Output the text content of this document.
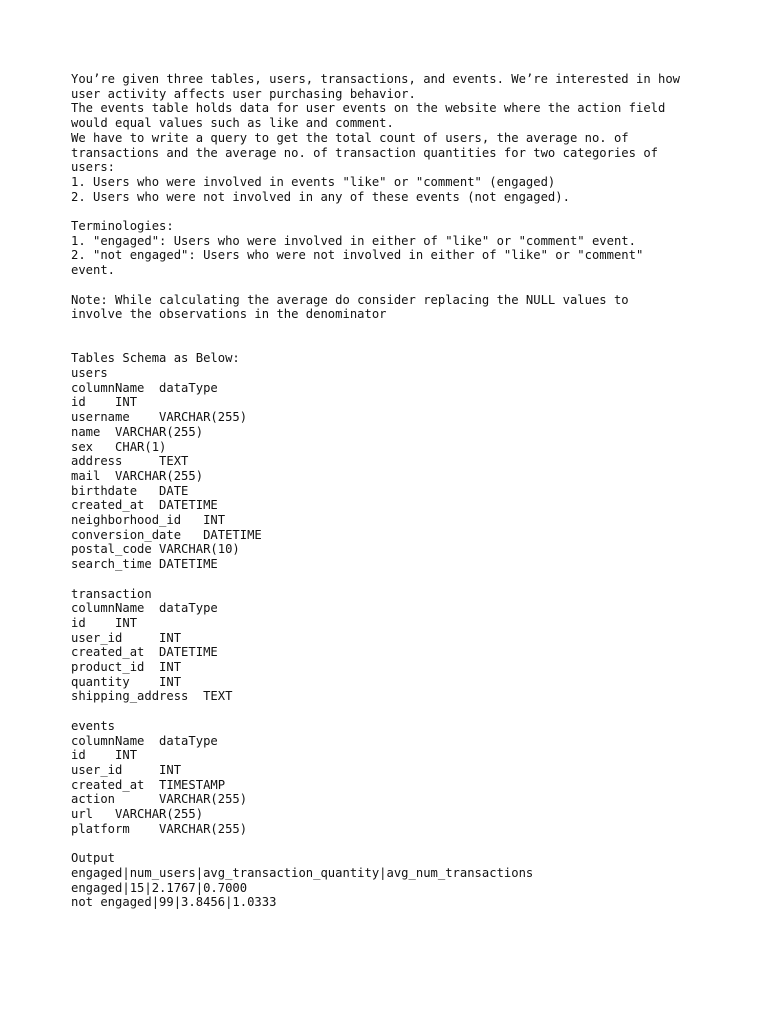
You’re given three tables, users, transactions, and events. We’re interested in how
user activity affects user purchasing behavior.
The events table holds data for user events on the website where the action field
would equal values such as like and comment.
We have to write a query to get the total count of users, the average no. of
transactions and the average no. of transaction quantities for two categories of
users:
1. Users who were involved in events "like" or "comment" (engaged)
2. Users who were not involved in any of these events (not engaged).
Terminologies:
1. "engaged": Users who were involved in either of "like" or "comment" event.
2. "not engaged": Users who were not involved in either of "like" or "comment"
event.
Note: While calculating the average do consider replacing the NULL values to
involve the observations in the denominator
Tables Schema as Below:
users
columnName  dataType
id    INT
username    VARCHAR(255)
name  VARCHAR(255)
sex   CHAR(1)
address     TEXT
mail  VARCHAR(255)
birthdate   DATE
created_at  DATETIME
neighborhood_id   INT
conversion_date   DATETIME
postal_code VARCHAR(10)
search_time DATETIME
transaction
columnName  dataType
id    INT
user_id     INT
created_at  DATETIME
product_id  INT
quantity    INT
shipping_address  TEXT
events
columnName  dataType
id    INT
user_id     INT
created_at  TIMESTAMP
action      VARCHAR(255)
url   VARCHAR(255)
platform    VARCHAR(255)
Output
engaged|num_users|avg_transaction_quantity|avg_num_transactions
engaged|15|2.1767|0.7000
not engaged|99|3.8456|1.0333
